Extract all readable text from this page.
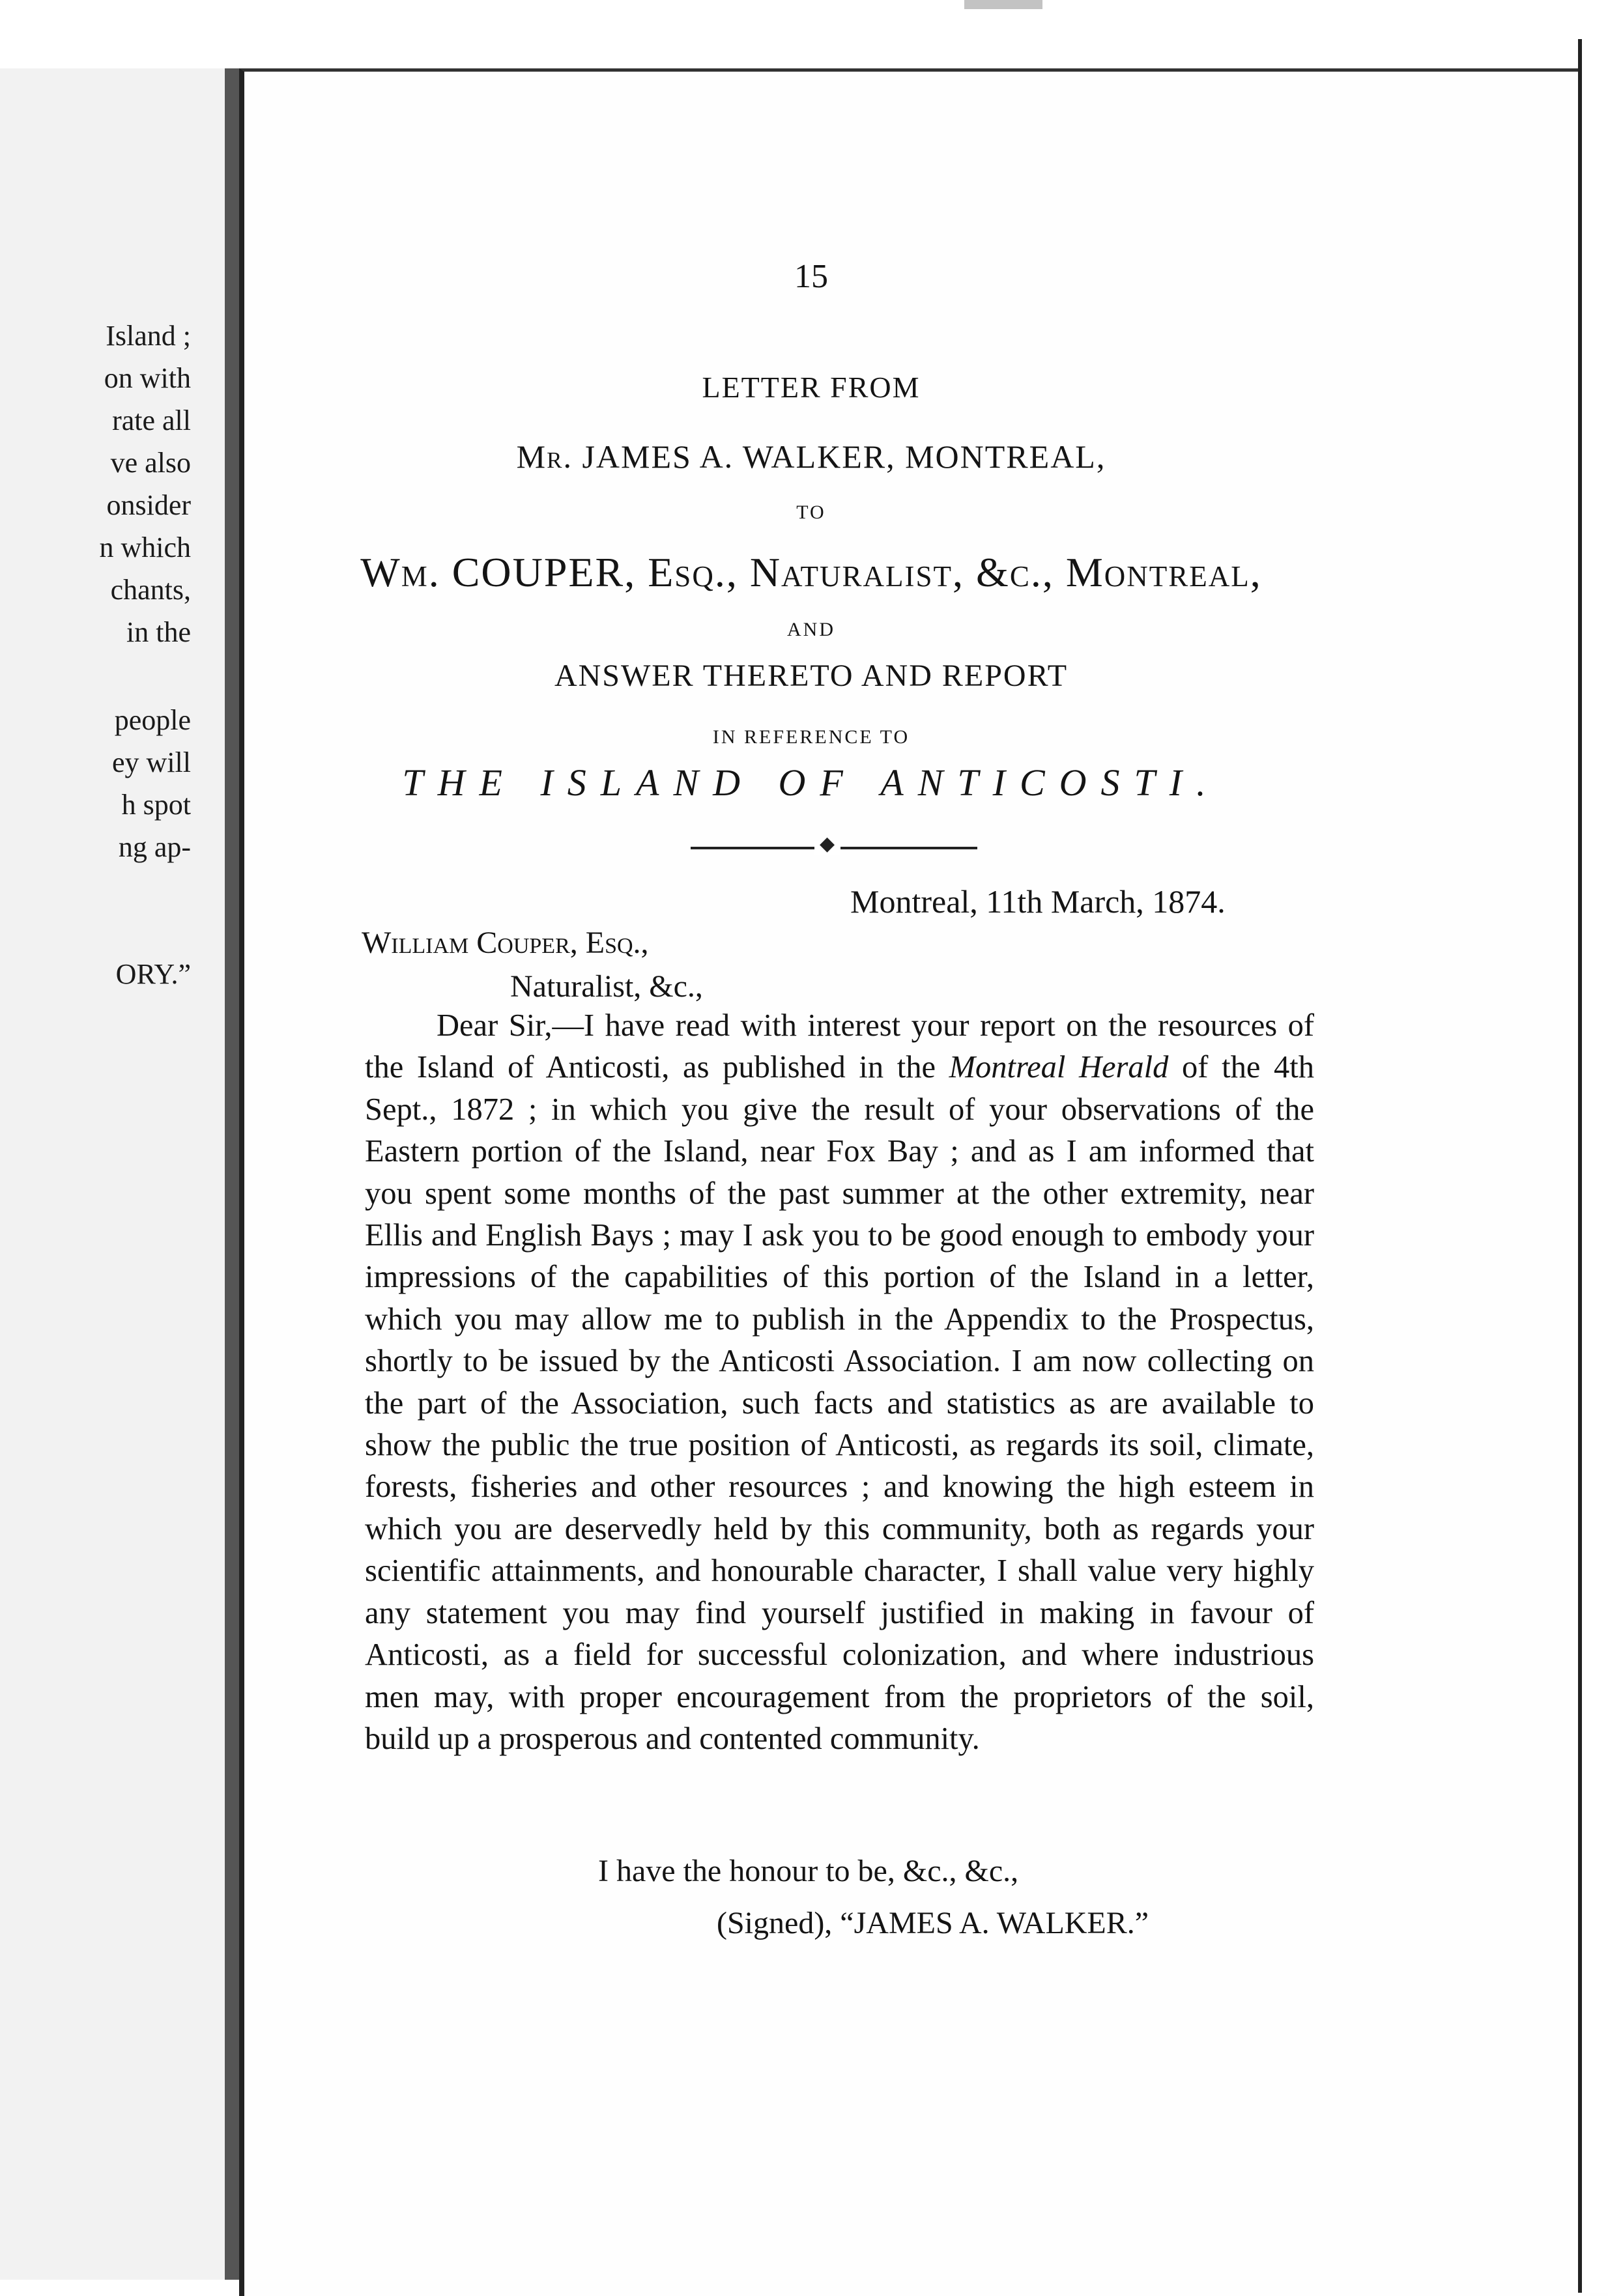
Island ;
on with
rate all
ve also
onsider
n which
chants,
in the
people
ey will
h spot
ng ap-
ORY.”
15
LETTER FROM
Mr. JAMES A. WALKER, MONTREAL,
TO
Wm. COUPER, Esq., Naturalist, &c., Montreal,
AND
ANSWER THERETO AND REPORT
IN REFERENCE TO
THE ISLAND OF ANTICOSTI.
◆
Montreal, 11th March, 1874.
William Couper, Esq.,
Naturalist, &c.,

Dear Sir,—I have read with interest your report on the resources of the Island of Anticosti, as published in the Montreal Herald of the 4th Sept., 1872 ; in which you give the result of your observations of the Eastern portion of the Island, near Fox Bay ; and as I am informed that you spent some months of the past summer at the other extremity, near Ellis and English Bays ; may I ask you to be good enough to embody your impressions of the capabilities of this portion of the Island in a letter, which you may allow me to publish in the Appendix to the Prospectus, shortly to be issued by the Anticosti Association. I am now collecting on the part of the Association, such facts and statistics as are available to show the public the true position of Anticosti, as regards its soil, climate, forests, fisheries and other resources ; and knowing the high esteem in which you are deservedly held by this community, both as regards your scientific attainments, and honourable character, I shall value very highly any statement you may find yourself justified in making in favour of Anticosti, as a field for successful colonization, and where industrious men may, with proper encouragement from the proprietors of the soil, build up a prosperous and contented community.

I have the honour to be, &c., &c.,
(Signed), “JAMES A. WALKER.”
